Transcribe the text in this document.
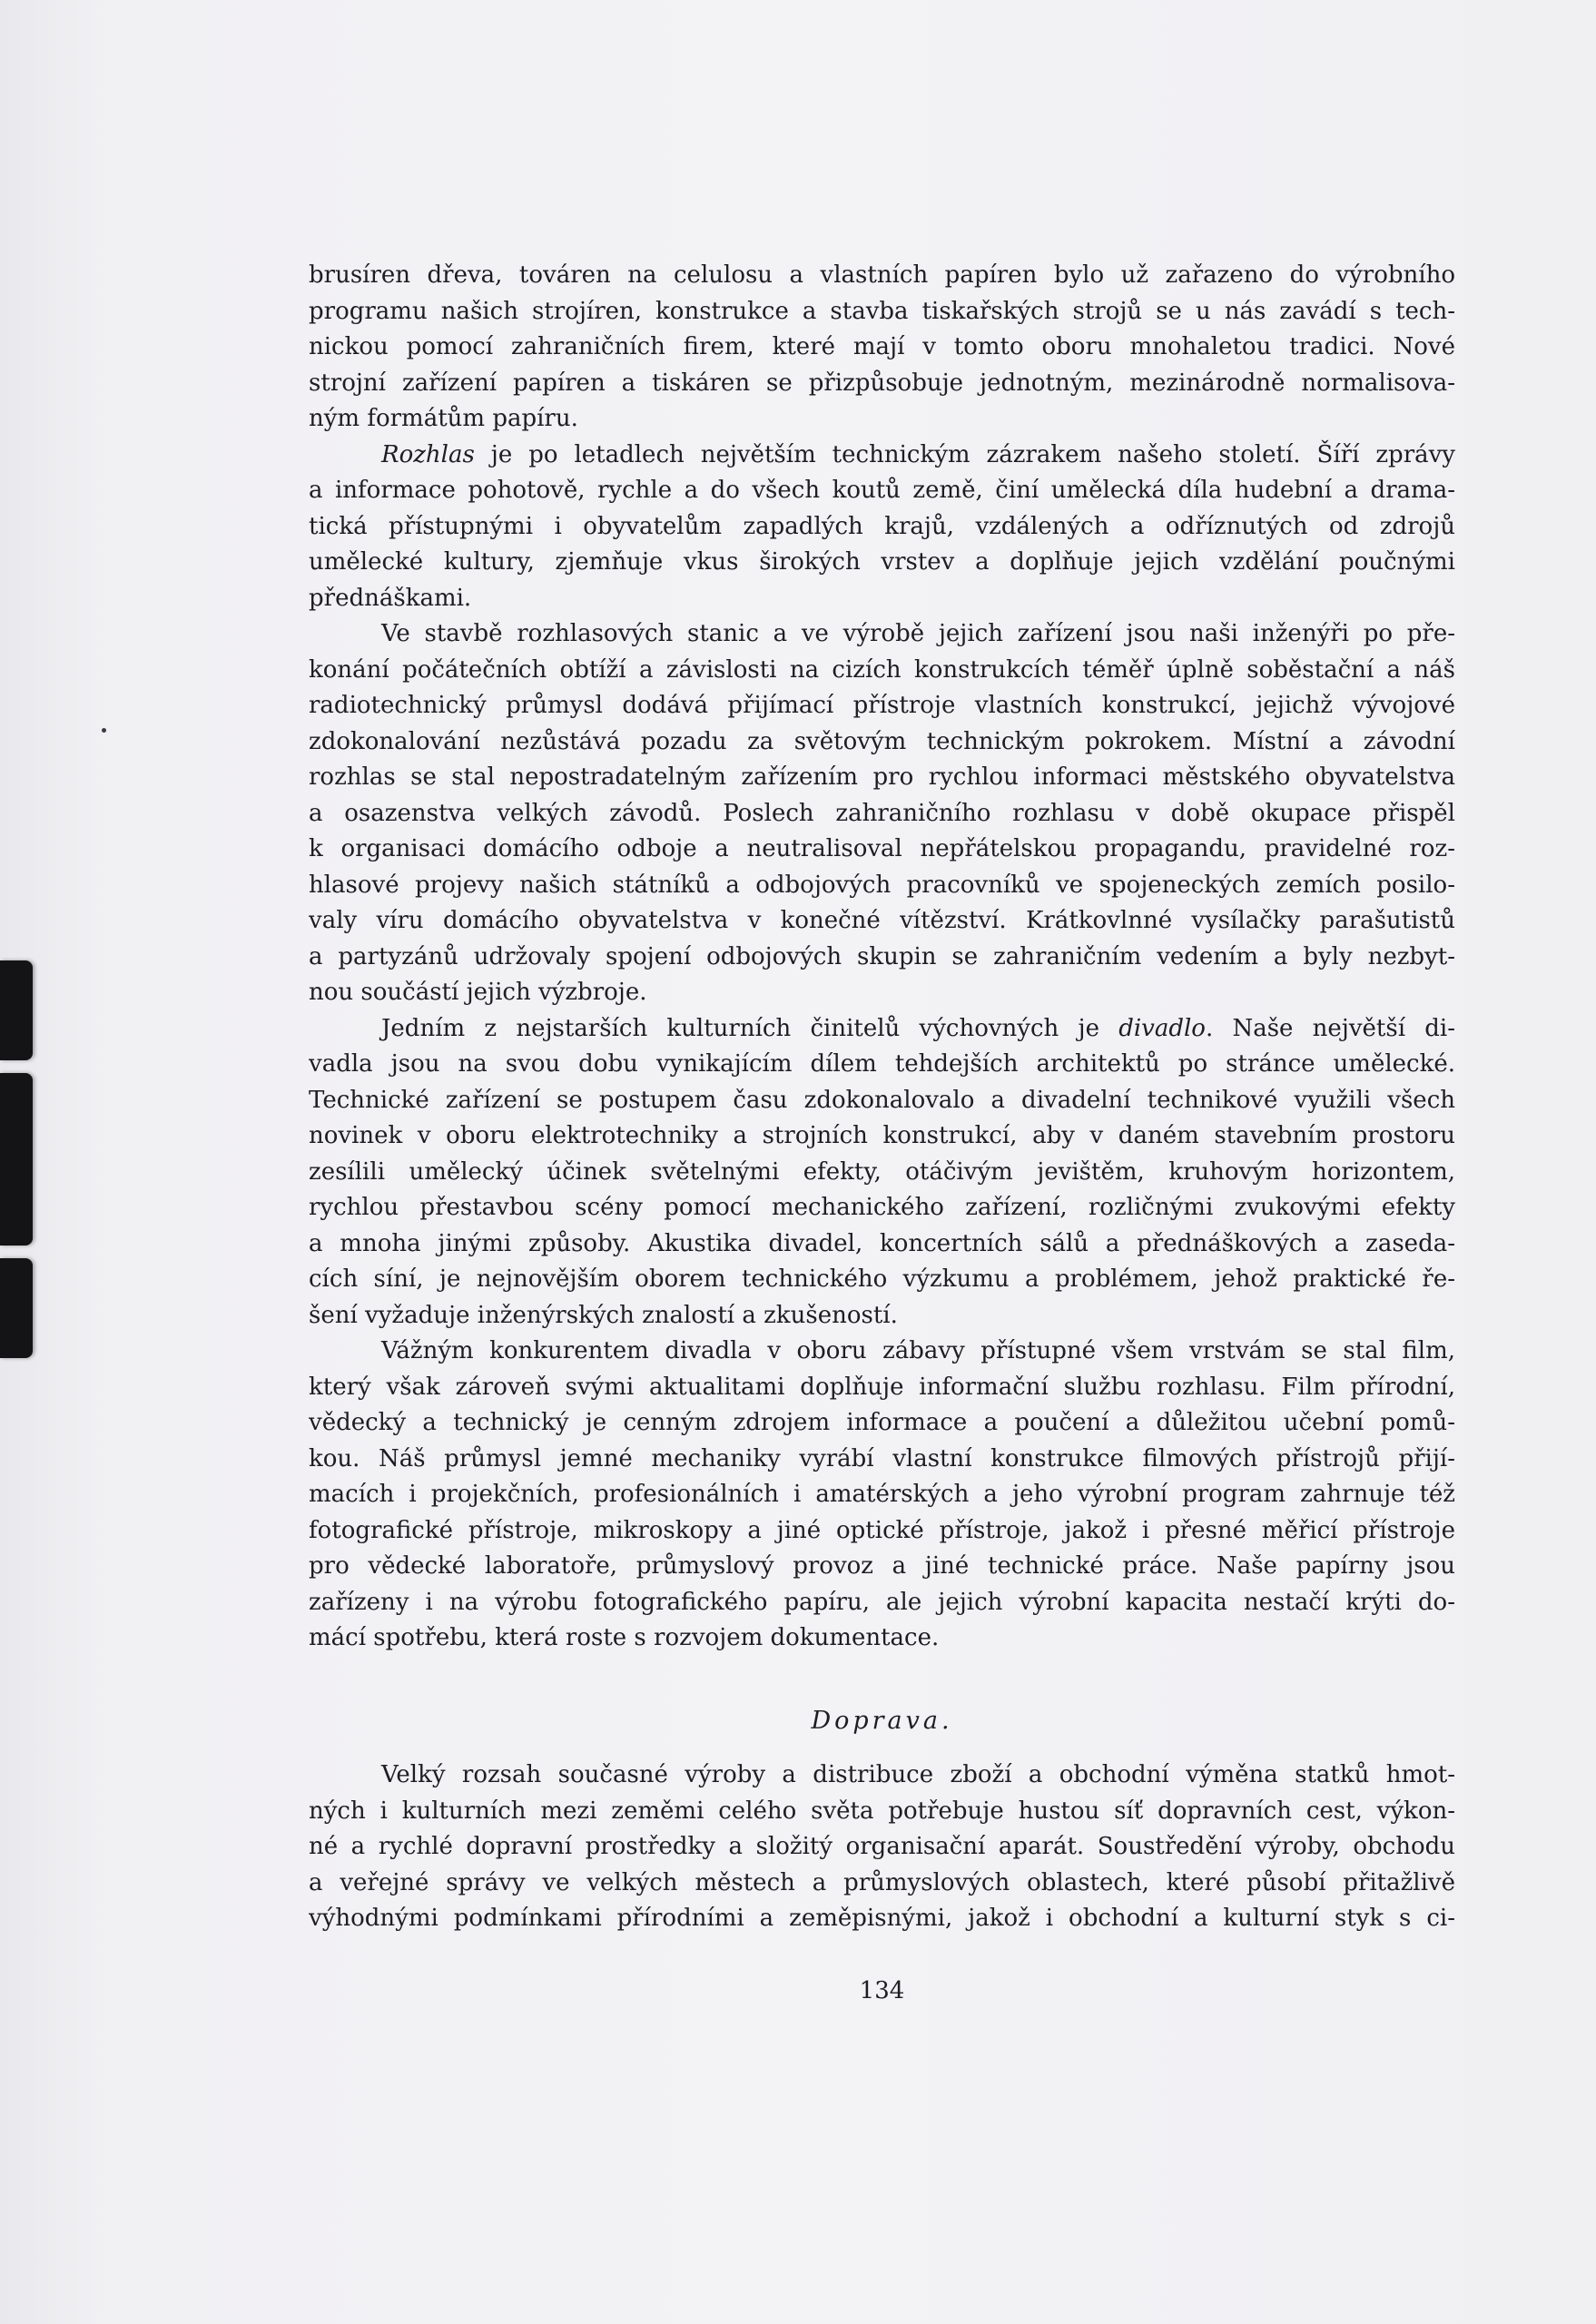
brusíren dřeva, továren na celulosu a vlastních papíren bylo už zařazeno do výrobního
programu našich strojíren, konstrukce a stavba tiskařských strojů se u nás zavádí s tech-
nickou pomocí zahraničních firem, které mají v tomto oboru mnohaletou tradici. Nové
strojní zařízení papíren a tiskáren se přizpůsobuje jednotným, mezinárodně normalisova-
ným formátům papíru.
Rozhlas je po letadlech největším technickým zázrakem našeho století. Šíří zprávy
a informace pohotově, rychle a do všech koutů země, činí umělecká díla hudební a drama-
tická přístupnými i obyvatelům zapadlých krajů, vzdálených a odříznutých od zdrojů
umělecké kultury, zjemňuje vkus širokých vrstev a doplňuje jejich vzdělání poučnými
přednáškami.
Ve stavbě rozhlasových stanic a ve výrobě jejich zařízení jsou naši inženýři po pře-
konání počátečních obtíží a závislosti na cizích konstrukcích téměř úplně soběstační a náš
radiotechnický průmysl dodává přijímací přístroje vlastních konstrukcí, jejichž vývojové
zdokonalování nezůstává pozadu za světovým technickým pokrokem. Místní a závodní
rozhlas se stal nepostradatelným zařízením pro rychlou informaci městského obyvatelstva
a osazenstva velkých závodů. Poslech zahraničního rozhlasu v době okupace přispěl
k organisaci domácího odboje a neutralisoval nepřátelskou propagandu, pravidelné roz-
hlasové projevy našich státníků a odbojových pracovníků ve spojeneckých zemích posilo-
valy víru domácího obyvatelstva v konečné vítězství. Krátkovlnné vysílačky parašutistů
a partyzánů udržovaly spojení odbojových skupin se zahraničním vedením a byly nezbyt-
nou součástí jejich výzbroje.
Jedním z nejstarších kulturních činitelů výchovných je divadlo. Naše největší di-
vadla jsou na svou dobu vynikajícím dílem tehdejších architektů po stránce umělecké.
Technické zařízení se postupem času zdokonalovalo a divadelní technikové využili všech
novinek v oboru elektrotechniky a strojních konstrukcí, aby v daném stavebním prostoru
zesílili umělecký účinek světelnými efekty, otáčivým jevištěm, kruhovým horizontem,
rychlou přestavbou scény pomocí mechanického zařízení, rozličnými zvukovými efekty
a mnoha jinými způsoby. Akustika divadel, koncertních sálů a přednáškových a zaseda-
cích síní, je nejnovějším oborem technického výzkumu a problémem, jehož praktické ře-
šení vyžaduje inženýrských znalostí a zkušeností.
Vážným konkurentem divadla v oboru zábavy přístupné všem vrstvám se stal film,
který však zároveň svými aktualitami doplňuje informační službu rozhlasu. Film přírodní,
vědecký a technický je cenným zdrojem informace a poučení a důležitou učební pomů-
kou. Náš průmysl jemné mechaniky vyrábí vlastní konstrukce filmových přístrojů přijí-
macích i projekčních, profesionálních i amatérských a jeho výrobní program zahrnuje též
fotografické přístroje, mikroskopy a jiné optické přístroje, jakož i přesné měřicí přístroje
pro vědecké laboratoře, průmyslový provoz a jiné technické práce. Naše papírny jsou
zařízeny i na výrobu fotografického papíru, ale jejich výrobní kapacita nestačí krýti do-
mácí spotřebu, která roste s rozvojem dokumentace.
Doprava.
Velký rozsah současné výroby a distribuce zboží a obchodní výměna statků hmot-
ných i kulturních mezi zeměmi celého světa potřebuje hustou síť dopravních cest, výkon-
né a rychlé dopravní prostředky a složitý organisační aparát. Soustředění výroby, obchodu
a veřejné správy ve velkých městech a průmyslových oblastech, které působí přitažlivě
výhodnými podmínkami přírodními a zeměpisnými, jakož i obchodní a kulturní styk s ci-
134
